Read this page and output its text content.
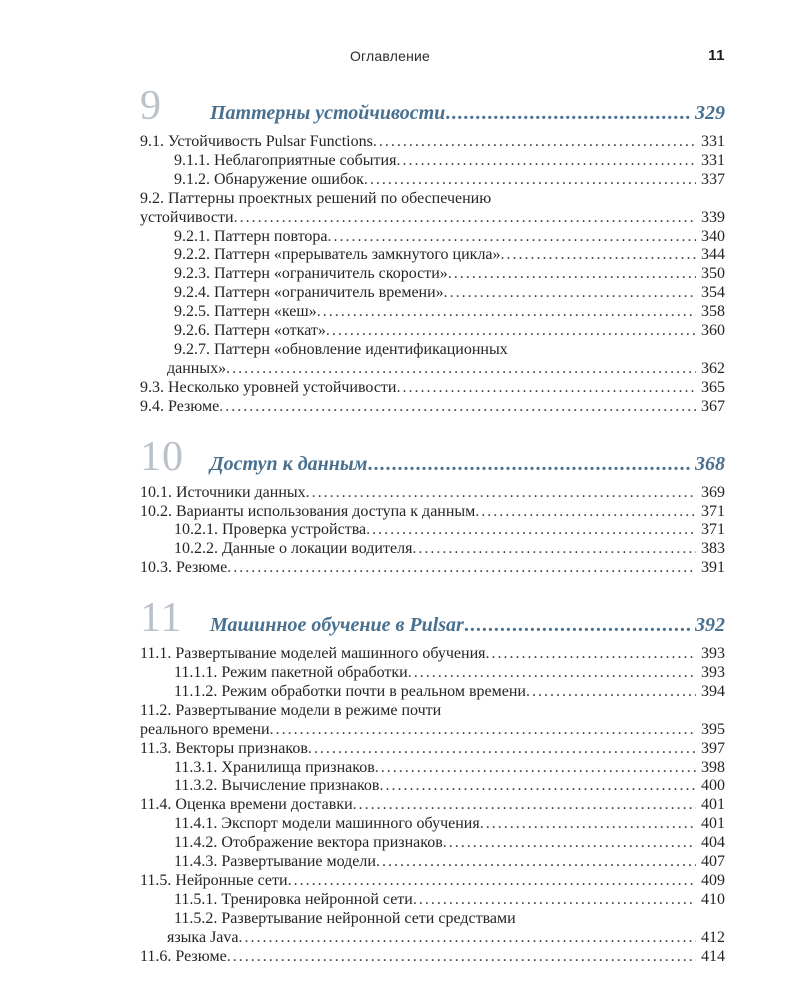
Оглавление	11
9	Паттерны устойчивости .....	329
9.1. Устойчивость Pulsar Functions .....	331
9.1.1. Неблагоприятные события .....	331
9.1.2. Обнаружение ошибок .....	337
9.2. Паттерны проектных решений по обеспечению
устойчивости .....	339
9.2.1. Паттерн повтора .....	340
9.2.2. Паттерн «прерыватель замкнутого цикла» .....	344
9.2.3. Паттерн «ограничитель скорости» .....	350
9.2.4. Паттерн «ограничитель времени» .....	354
9.2.5. Паттерн «кеш» .....	358
9.2.6. Паттерн «откат» .....	360
9.2.7. Паттерн «обновление идентификационных
данных» .....	362
9.3. Несколько уровней устойчивости .....	365
9.4. Резюме .....	367
10	Доступ к данным .....	368
10.1. Источники данных .....	369
10.2. Варианты использования доступа к данным .....	371
10.2.1. Проверка устройства .....	371
10.2.2. Данные о локации водителя .....	383
10.3. Резюме .....	391
11	Машинное обучение в Pulsar .....	392
11.1. Развертывание моделей машинного обучения .....	393
11.1.1. Режим пакетной обработки .....	393
11.1.2. Режим обработки почти в реальном времени .....	394
11.2. Развертывание модели в режиме почти
реального времени .....	395
11.3. Векторы признаков .....	397
11.3.1. Хранилища признаков .....	398
11.3.2. Вычисление признаков .....	400
11.4. Оценка времени доставки .....	401
11.4.1. Экспорт модели машинного обучения .....	401
11.4.2. Отображение вектора признаков .....	404
11.4.3. Развертывание модели .....	407
11.5. Нейронные сети .....	409
11.5.1. Тренировка нейронной сети .....	410
11.5.2. Развертывание нейронной сети средствами
языка Java .....	412
11.6. Резюме .....	414
